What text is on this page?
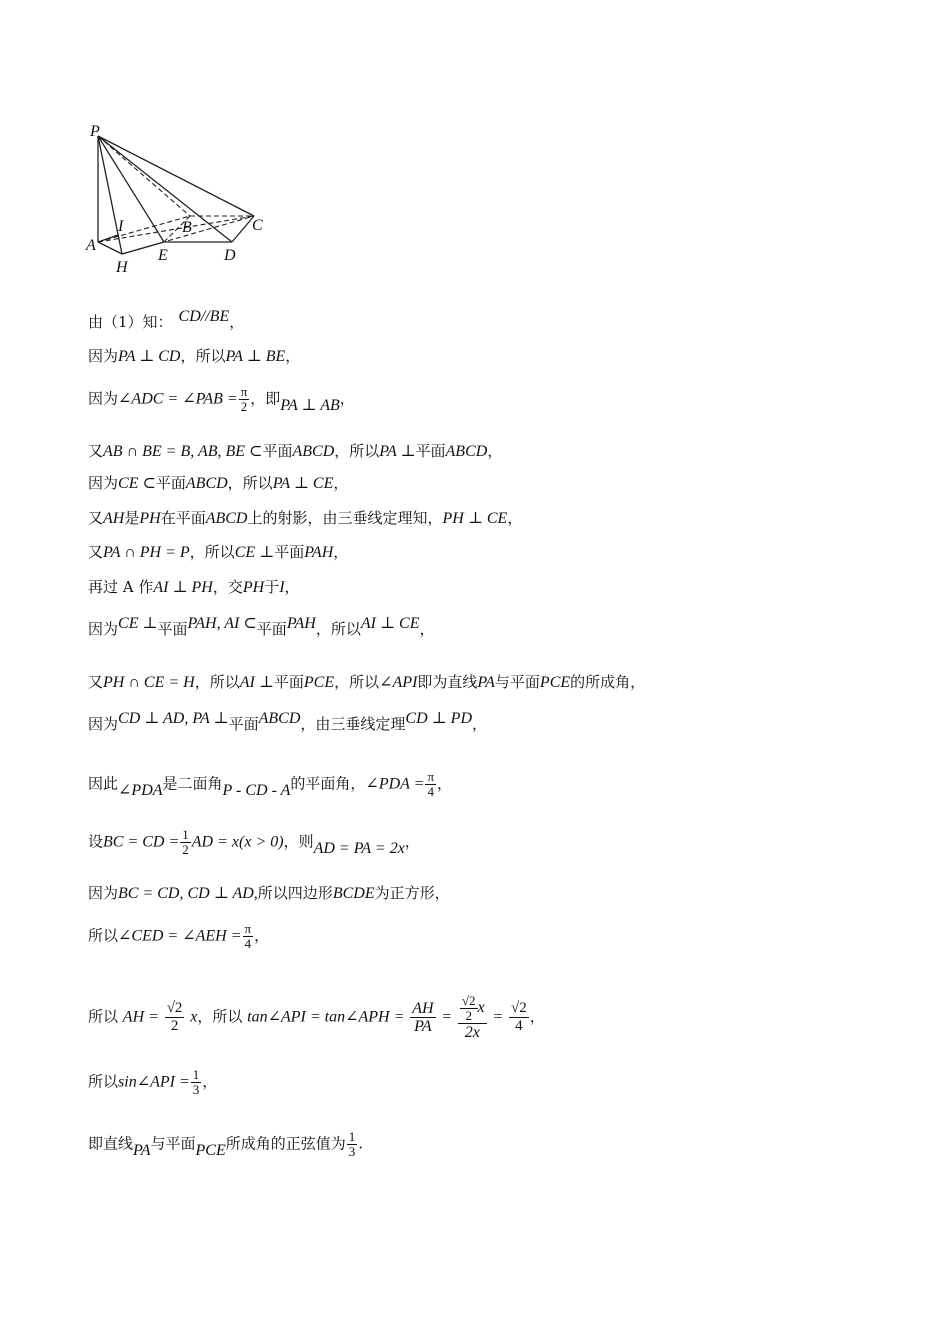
P
I	B	C
A
H
E	D
由（1）知： CD//BE，
因为PA ⊥ CD，所以PA ⊥ BE，
因为∠ADC = ∠PAB = $\frac{\pi}{2}$ ，即PA ⊥ AB，
又AB ∩ BE = B, AB, BE ⊂平面ABCD，所以PA ⊥平面ABCD，
因为CE ⊂平面ABCD，所以PA ⊥ CE，
又AH是PH在平面ABCD上的射影，由三垂线定理知，PH ⊥ CE，
又PA ∩ PH = P，所以CE ⊥平面PAH，
再过 A 作AI ⊥ PH，交PH于I，
因为CE ⊥平面PAH, AI ⊂平面PAH，所以AI ⊥ CE，
又PH ∩ CE = H，所以AI ⊥平面PCE，所以∠API即为直线PA与平面PCE的所成角，
因为CD ⊥ AD, PA ⊥平面ABCD，由三垂线定理CD ⊥ PD，
因此∠PDA是二面角P - CD - A的平面角，∠PDA = $\frac{\pi}{4}$ ，
设BC = CD = $\frac{1}{2}$ AD = x(x > 0)，则AD = PA = 2x，
因为BC = CD, CD ⊥ AD,所以四边形BCDE为正方形，
所以∠CED = ∠AEH = $\frac{\pi}{4}$ ，
所以 AH = $\frac{√2}{2}$ x，所以 tan∠API = tan∠APH = $\frac{AH}{PA} = \frac{\frac{√2}{2} x}{2x} = \frac{√2}{4}$ ，
所以sin∠API = $\frac{1}{3}$ ，
即直线PA与平面PCE所成角的正弦值为 $\frac{1}{3}$ .
